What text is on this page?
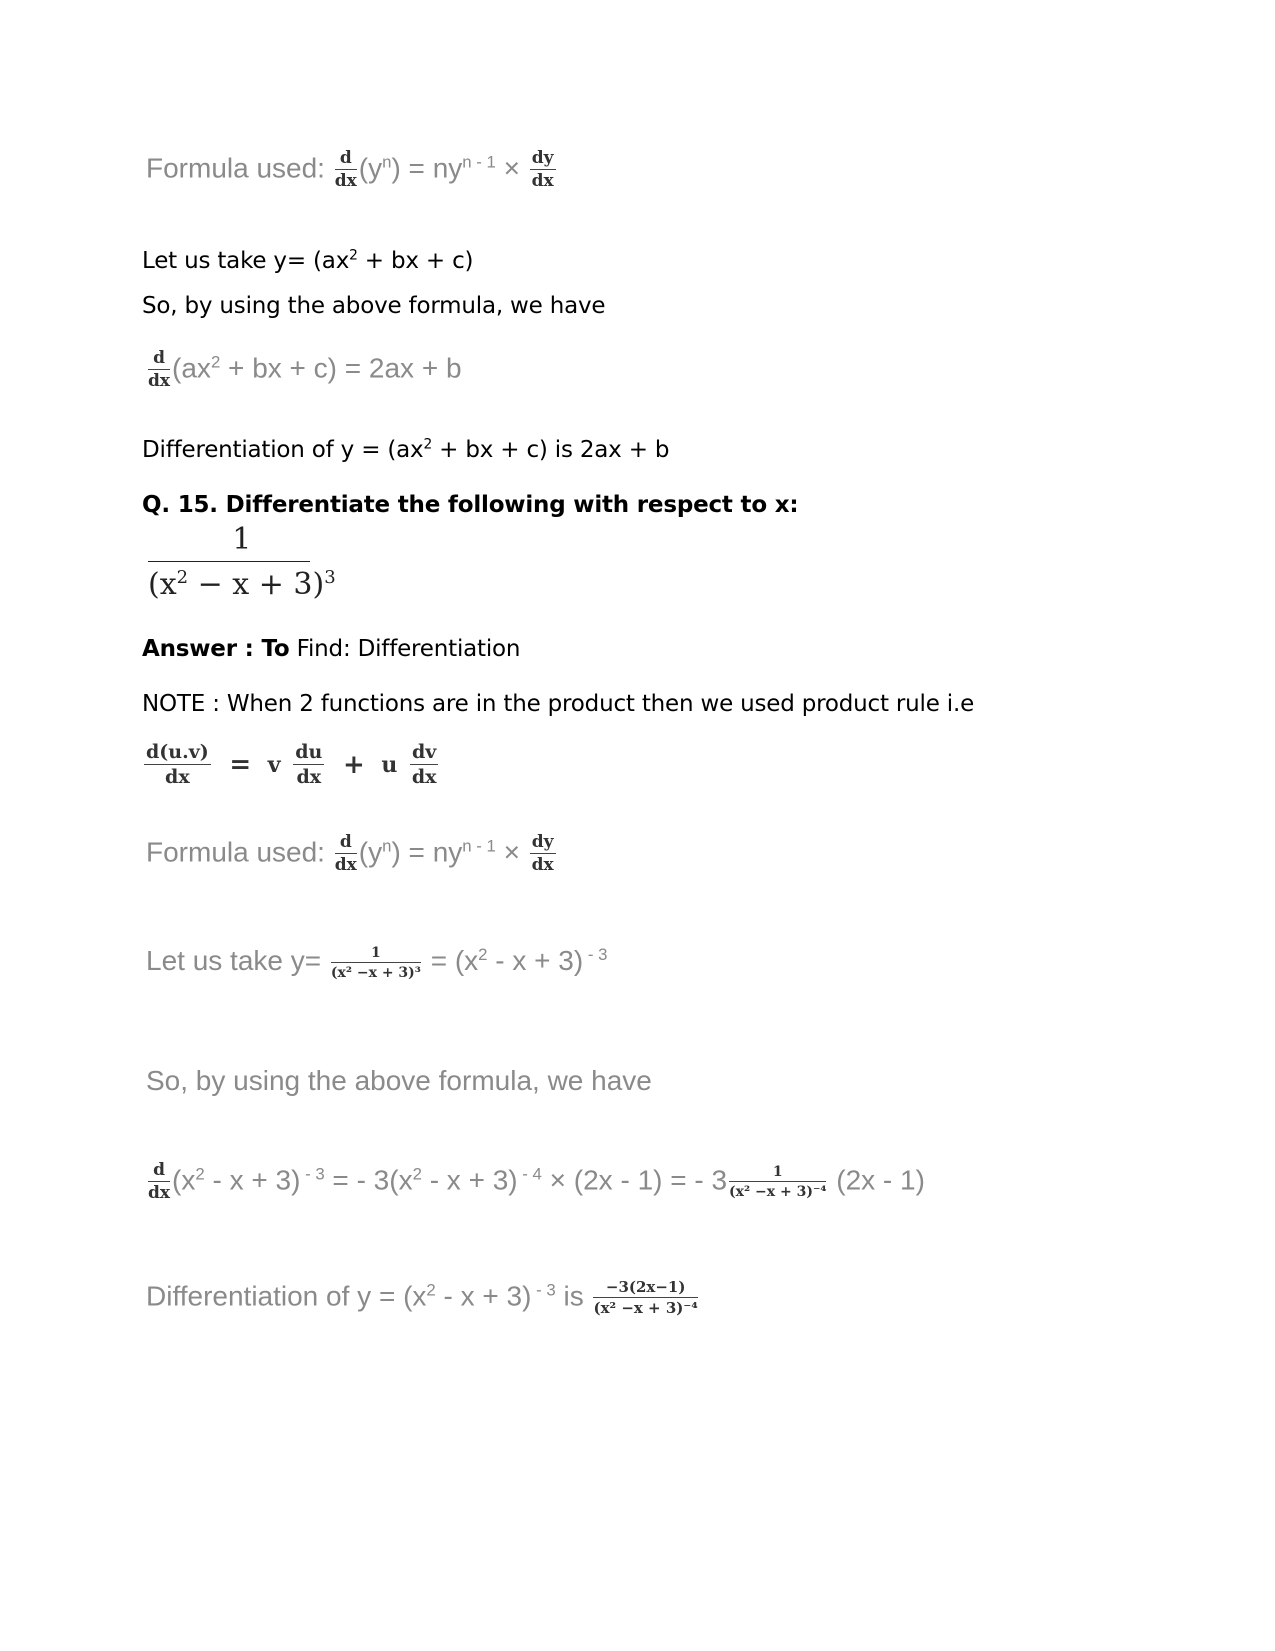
Formula used: $\frac{d}{dx} (y^n) = ny^{n - 1} \times \frac{dy}{dx}$
Let us take $y= (ax^2$ + bx + c)
So, by using the above formula, we have
$\frac{d}{dx} (ax^2$ + bx + c) = 2ax + b
Differentiation of $y = (ax^2$ + bx + c) is 2ax + b
Q. 15. Differentiate the following with respect to x:
$\frac{1}{(x^2 - x + 3)^3}$
Answer : To Find: Differentiation
NOTE : When 2 functions are in the product then we used product rule i.e
$\frac{d(u.v)}{dx} = v \frac{du}{dx} + u \frac{dv}{dx}$
Formula used: $\frac{d}{dx} (y^n) = ny^{n - 1} \times \frac{dy}{dx}$
Let us take $y= \frac{1}{\text{(x² −x + 3)³}} = (x^2 - x + 3)$ $^{- 3}$
So, by using the above formula, we have
$\frac{d}{dx} (x^2 - x + 3) ^{- 3}$ = - $3(x^2 - x + 3) ^{- 4} \times (2x - 1)$ = - $3 \frac{1}{\text{(x² −x + 3)⁻⁴}} (2x - 1)$
Differentiation of $y = (x^2 - x + 3)$ $^{- 3}$ is $\frac{-3(2x-1)}{\text{(x² −x + 3)⁻⁴}}$
